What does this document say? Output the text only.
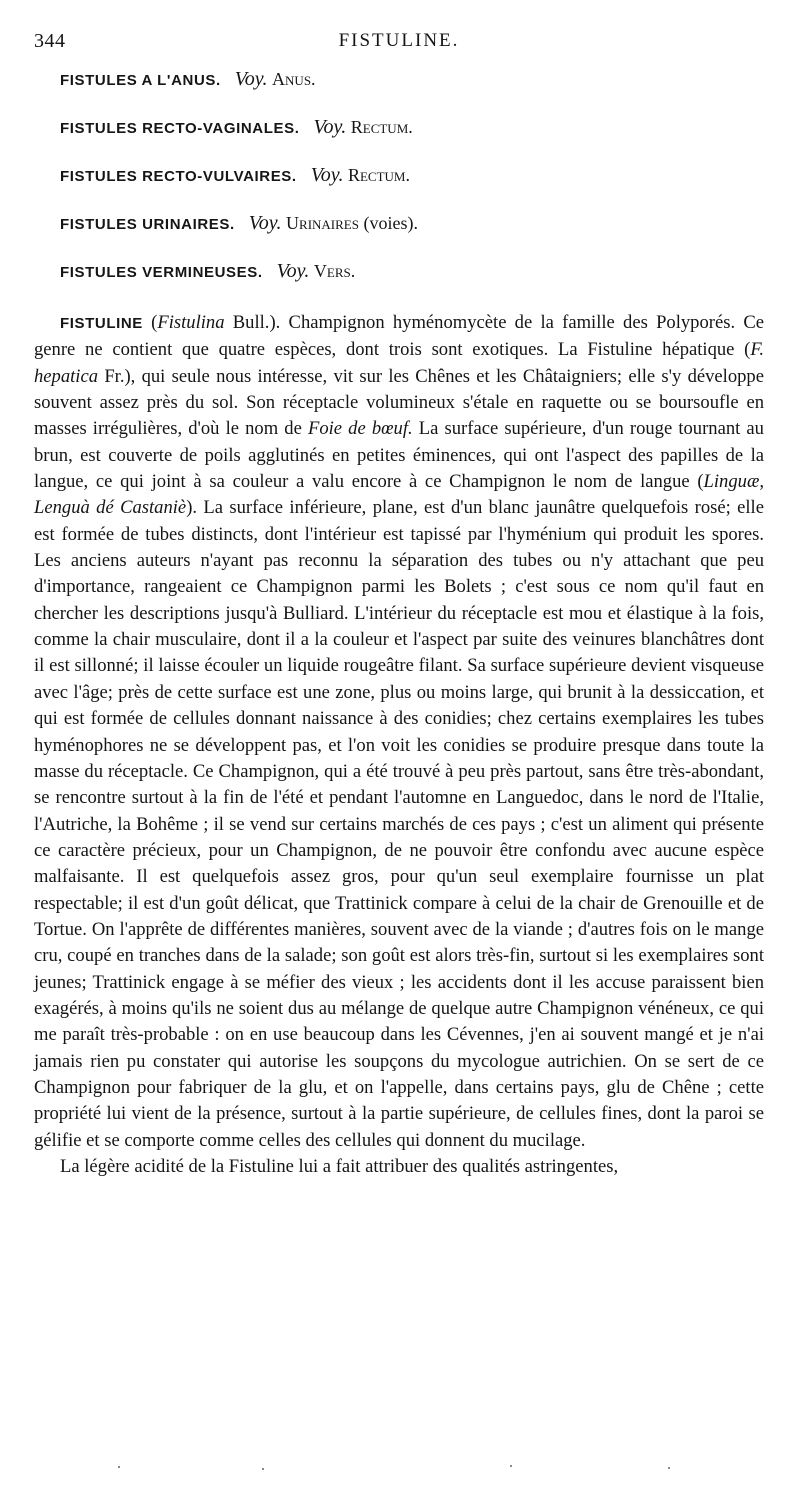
344	FISTULINE.
FISTULES A L'ANUS. Voy. Anus.
FISTULES RECTO-VAGINALES. Voy. Rectum.
FISTULES RECTO-VULVAIRES. Voy. Rectum.
FISTULES URINAIRES. Voy. Urinaires (voies).
FISTULES VERMINEUSES. Voy. Vers.

FISTULINE (Fistulina Bull.). Champignon hyménomycète de la famille des Polyporés. Ce genre ne contient que quatre espèces, dont trois sont exotiques. La Fistuline hépatique (F. hepatica Fr.), qui seule nous intéresse, vit sur les Chênes et les Châtaigniers; elle s'y développe souvent assez près du sol. Son réceptacle volumineux s'étale en raquette ou se boursoufle en masses irrégulières, d'où le nom de Foie de bœuf. La surface supérieure, d'un rouge tournant au brun, est couverte de poils agglutinés en petites éminences, qui ont l'aspect des papilles de la langue, ce qui joint à sa couleur a valu encore à ce Champignon le nom de langue (Linguæ, Lenguà dé Castaniè). La surface inférieure, plane, est d'un blanc jaunâtre quelquefois rosé; elle est formée de tubes distincts, dont l'intérieur est tapissé par l'hyménium qui produit les spores. Les anciens auteurs n'ayant pas reconnu la séparation des tubes ou n'y attachant que peu d'importance, rangeaient ce Champignon parmi les Bolets ; c'est sous ce nom qu'il faut en chercher les descriptions jusqu'à Bulliard. L'intérieur du réceptacle est mou et élastique à la fois, comme la chair musculaire, dont il a la couleur et l'aspect par suite des veinures blanchâtres dont il est sillonné; il laisse écouler un liquide rougeâtre filant. Sa surface supérieure devient visqueuse avec l'âge; près de cette surface est une zone, plus ou moins large, qui brunit à la dessiccation, et qui est formée de cellules donnant naissance à des conidies; chez certains exemplaires les tubes hyménophores ne se développent pas, et l'on voit les conidies se produire presque dans toute la masse du réceptacle. Ce Champignon, qui a été trouvé à peu près partout, sans être très-abondant, se rencontre surtout à la fin de l'été et pendant l'automne en Languedoc, dans le nord de l'Italie, l'Autriche, la Bohême ; il se vend sur certains marchés de ces pays ; c'est un aliment qui présente ce caractère précieux, pour un Champignon, de ne pouvoir être confondu avec aucune espèce malfaisante. Il est quelquefois assez gros, pour qu'un seul exemplaire fournisse un plat respectable; il est d'un goût délicat, que Trattinick compare à celui de la chair de Grenouille et de Tortue. On l'apprête de différentes manières, souvent avec de la viande ; d'autres fois on le mange cru, coupé en tranches dans de la salade; son goût est alors très-fin, surtout si les exemplaires sont jeunes; Trattinick engage à se méfier des vieux ; les accidents dont il les accuse paraissent bien exagérés, à moins qu'ils ne soient dus au mélange de quelque autre Champignon vénéneux, ce qui me paraît très-probable : on en use beaucoup dans les Cévennes, j'en ai souvent mangé et je n'ai jamais rien pu constater qui autorise les soupçons du mycologue autrichien. On se sert de ce Champignon pour fabriquer de la glu, et on l'appelle, dans certains pays, glu de Chêne ; cette propriété lui vient de la présence, surtout à la partie supérieure, de cellules fines, dont la paroi se gélifie et se comporte comme celles des cellules qui donnent du mucilage.

La légère acidité de la Fistuline lui a fait attribuer des qualités astringentes,
